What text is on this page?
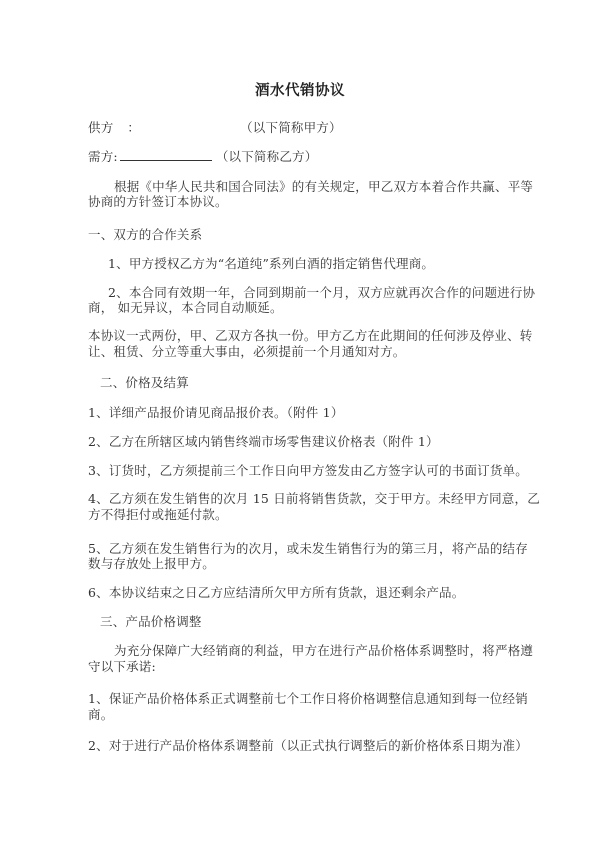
酒水代销协议
供方 ：	（以下简称甲方）
需方:	（以下简称乙方）
根据《中华人民共和国合同法》的有关规定，甲乙双方本着合作共赢、平等
协商的方针签订本协议。
一、双方的合作关系
1、甲方授权乙方为“名道纯”系列白酒的指定销售代理商。
2、本合同有效期一年，合同到期前一个月，双方应就再次合作的问题进行协
商， 如无异议，本合同自动顺延。
本协议一式两份，甲、乙双方各执一份。甲方乙方在此期间的任何涉及停业、转
让、租赁、分立等重大事由，必须提前一个月通知对方。
二、价格及结算
1、详细产品报价请见商品报价表。（附件 1）
2、乙方在所辖区域内销售终端市场零售建议价格表（附件 1）
3、订货时，乙方须提前三个工作日向甲方签发由乙方签字认可的书面订货单。
4、乙方须在发生销售的次月 15 日前将销售货款，交于甲方。未经甲方同意，乙
方不得拒付或拖延付款。
5、乙方须在发生销售行为的次月，或未发生销售行为的第三月，将产品的结存
数与存放处上报甲方。
6、本协议结束之日乙方应结清所欠甲方所有货款，退还剩余产品。
三、产品价格调整
为充分保障广大经销商的利益，甲方在进行产品价格体系调整时，将严格遵
守以下承诺:
1、保证产品价格体系正式调整前七个工作日将价格调整信息通知到每一位经销
商。
2、对于进行产品价格体系调整前（以正式执行调整后的新价格体系日期为准）
